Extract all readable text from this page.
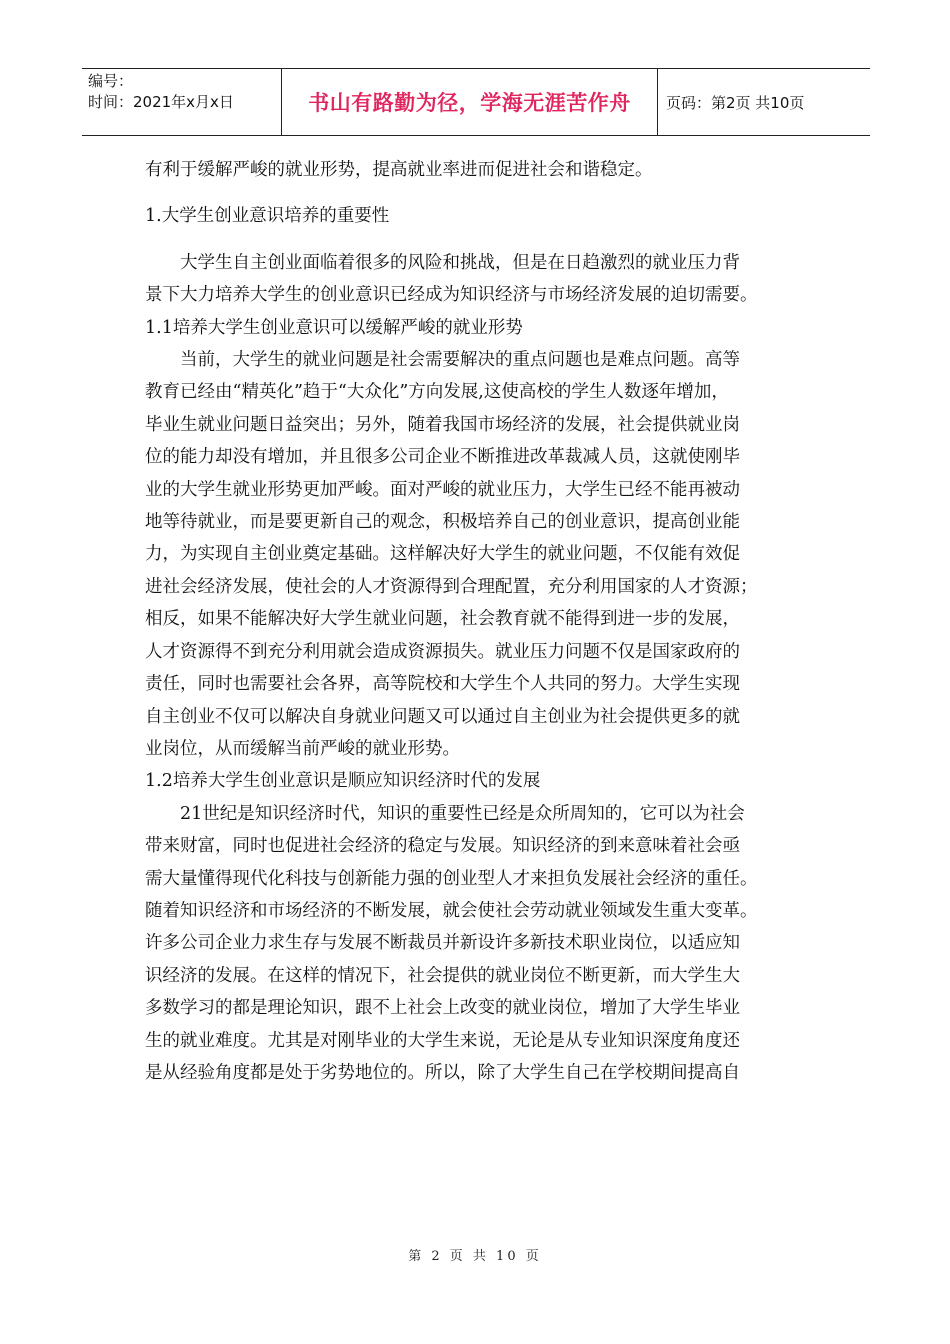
编号：
时间：2021年x月x日	书山有路勤为径，学海无涯苦作舟	页码：第2页 共10页

有利于缓解严峻的就业形势，提高就业率进而促进社会和谐稳定。

1.大学生创业意识培养的重要性

大学生自主创业面临着很多的风险和挑战，但是在日趋激烈的就业压力背

景下大力培养大学生的创业意识已经成为知识经济与市场经济发展的迫切需要。

1.1培养大学生创业意识可以缓解严峻的就业形势

当前，大学生的就业问题是社会需要解决的重点问题也是难点问题。高等

教育已经由“精英化”趋于“大众化”方向发展,这使高校的学生人数逐年增加，

毕业生就业问题日益突出；另外，随着我国市场经济的发展，社会提供就业岗

位的能力却没有增加，并且很多公司企业不断推进改革裁减人员，这就使刚毕

业的大学生就业形势更加严峻。面对严峻的就业压力，大学生已经不能再被动

地等待就业，而是要更新自己的观念，积极培养自己的创业意识，提高创业能

力，为实现自主创业奠定基础。这样解决好大学生的就业问题，不仅能有效促

进社会经济发展，使社会的人才资源得到合理配置，充分利用国家的人才资源；

相反，如果不能解决好大学生就业问题，社会教育就不能得到进一步的发展，

人才资源得不到充分利用就会造成资源损失。就业压力问题不仅是国家政府的

责任，同时也需要社会各界，高等院校和大学生个人共同的努力。大学生实现

自主创业不仅可以解决自身就业问题又可以通过自主创业为社会提供更多的就

业岗位，从而缓解当前严峻的就业形势。

1.2培养大学生创业意识是顺应知识经济时代的发展

21世纪是知识经济时代，知识的重要性已经是众所周知的，它可以为社会

带来财富，同时也促进社会经济的稳定与发展。知识经济的到来意味着社会亟

需大量懂得现代化科技与创新能力强的创业型人才来担负发展社会经济的重任。

随着知识经济和市场经济的不断发展，就会使社会劳动就业领域发生重大变革。

许多公司企业力求生存与发展不断裁员并新设许多新技术职业岗位，以适应知

识经济的发展。在这样的情况下，社会提供的就业岗位不断更新，而大学生大

多数学习的都是理论知识，跟不上社会上改变的就业岗位，增加了大学生毕业

生的就业难度。尤其是对刚毕业的大学生来说，无论是从专业知识深度角度还

是从经验角度都是处于劣势地位的。所以，除了大学生自己在学校期间提高自

第 2 页 共 10 页
